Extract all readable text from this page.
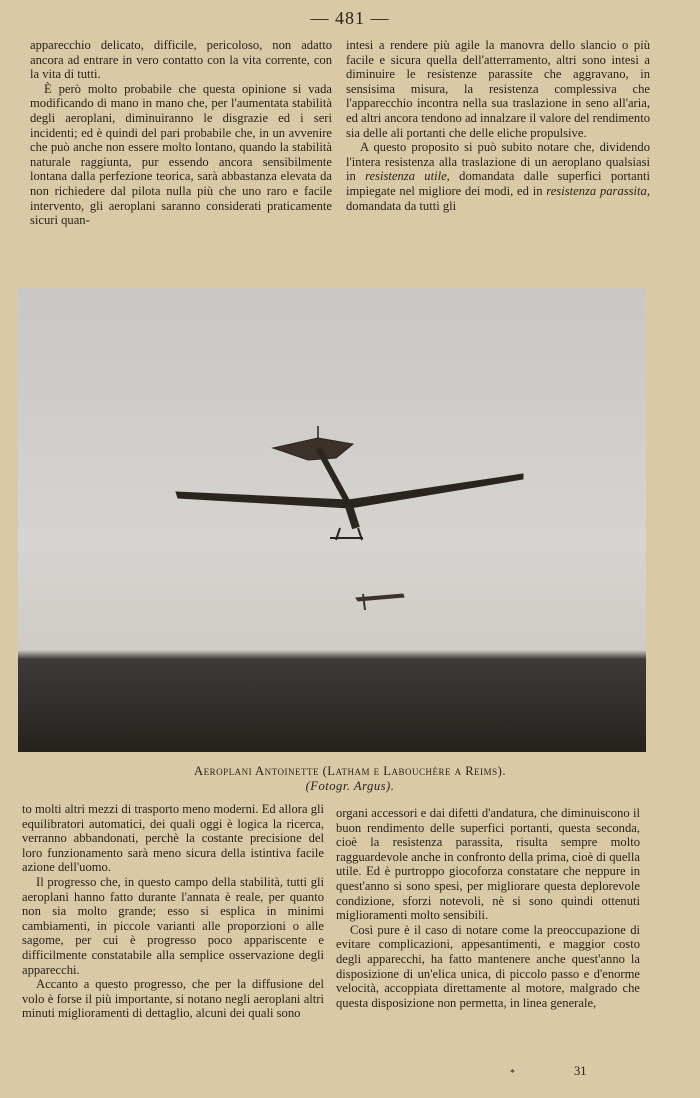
— 481 —

apparecchio delicato, difficile, pericoloso, non adatto ancora ad entrare in vero contatto con la vita corrente, con la vita di tutti.

È però molto probabile che questa opinione si vada modificando di mano in mano che, per l'aumentata stabilità degli aeroplani, diminuiranno le disgrazie ed i seri incidenti; ed è quindi del pari probabile che, in un avvenire che può anche non essere molto lontano, quando la stabilità naturale raggiunta, pur essendo ancora sensibilmente lontana dalla perfezione teorica, sarà abbastanza elevata da non richiedere dal pilota nulla più che uno raro e facile intervento, gli aeroplani saranno considerati praticamente sicuri quan-

intesi a rendere più agile la manovra dello slancio o più facile e sicura quella dell'atterramento, altri sono intesi a diminuire le resistenze parassite che aggravano, in sensisima misura, la resistenza complessiva che l'apparecchio incontra nella sua traslazione in seno all'aria, ed altri ancora tendono ad innalzare il valore del rendimento sia delle ali portanti che delle eliche propulsive.

A questo proposito si può subito notare che, dividendo l'intera resistenza alla traslazione di un aeroplano qualsiasi in resistenza utile, domandata dalle superfici portanti impiegate nel migliore dei modi, ed in resistenza parassita, domandata da tutti gli

Aeroplani Antoinette (Latham e Labouchère a Reims).
(Fotogr. Argus).

to molti altri mezzi di trasporto meno moderni. Ed allora gli equilibratori automatici, dei quali oggi è logica la ricerca, verranno abbandonati, perchè la costante precisione del loro funzionamento sarà meno sicura della istintiva facile azione dell'uomo.

Il progresso che, in questo campo della stabilità, tutti gli aeroplani hanno fatto durante l'annata è reale, per quanto non sia molto grande; esso si esplica in minimi cambiamenti, in piccole varianti alle proporzioni o alle sagome, per cui è progresso poco appariscente e difficilmente constatabile alla semplice osservazione degli apparecchi.

Accanto a questo progresso, che per la diffusione del volo è forse il più importante, si notano negli aeroplani altri minuti miglioramenti di dettaglio, alcuni dei quali sono

organi accessori e dai difetti d'andatura, che diminuiscono il buon rendimento delle superfici portanti, questa seconda, cioè la resistenza parassita, risulta sempre molto ragguardevole anche in confronto della prima, cioè di quella utile. Ed è purtroppo giocoforza constatare che neppure in quest'anno si sono spesi, per migliorare questa deplorevole condizione, sforzi notevoli, nè si sono quindi ottenuti miglioramenti molto sensibili.

Così pure è il caso di notare come la preoccupazione di evitare complicazioni, appesantimenti, e maggior costo degli apparecchi, ha fatto mantenere anche quest'anno la disposizione di un'elica unica, di piccolo passo e d'enorme velocità, accoppiata direttamente al motore, malgrado che questa disposizione non permetta, in linea generale,

*	31
